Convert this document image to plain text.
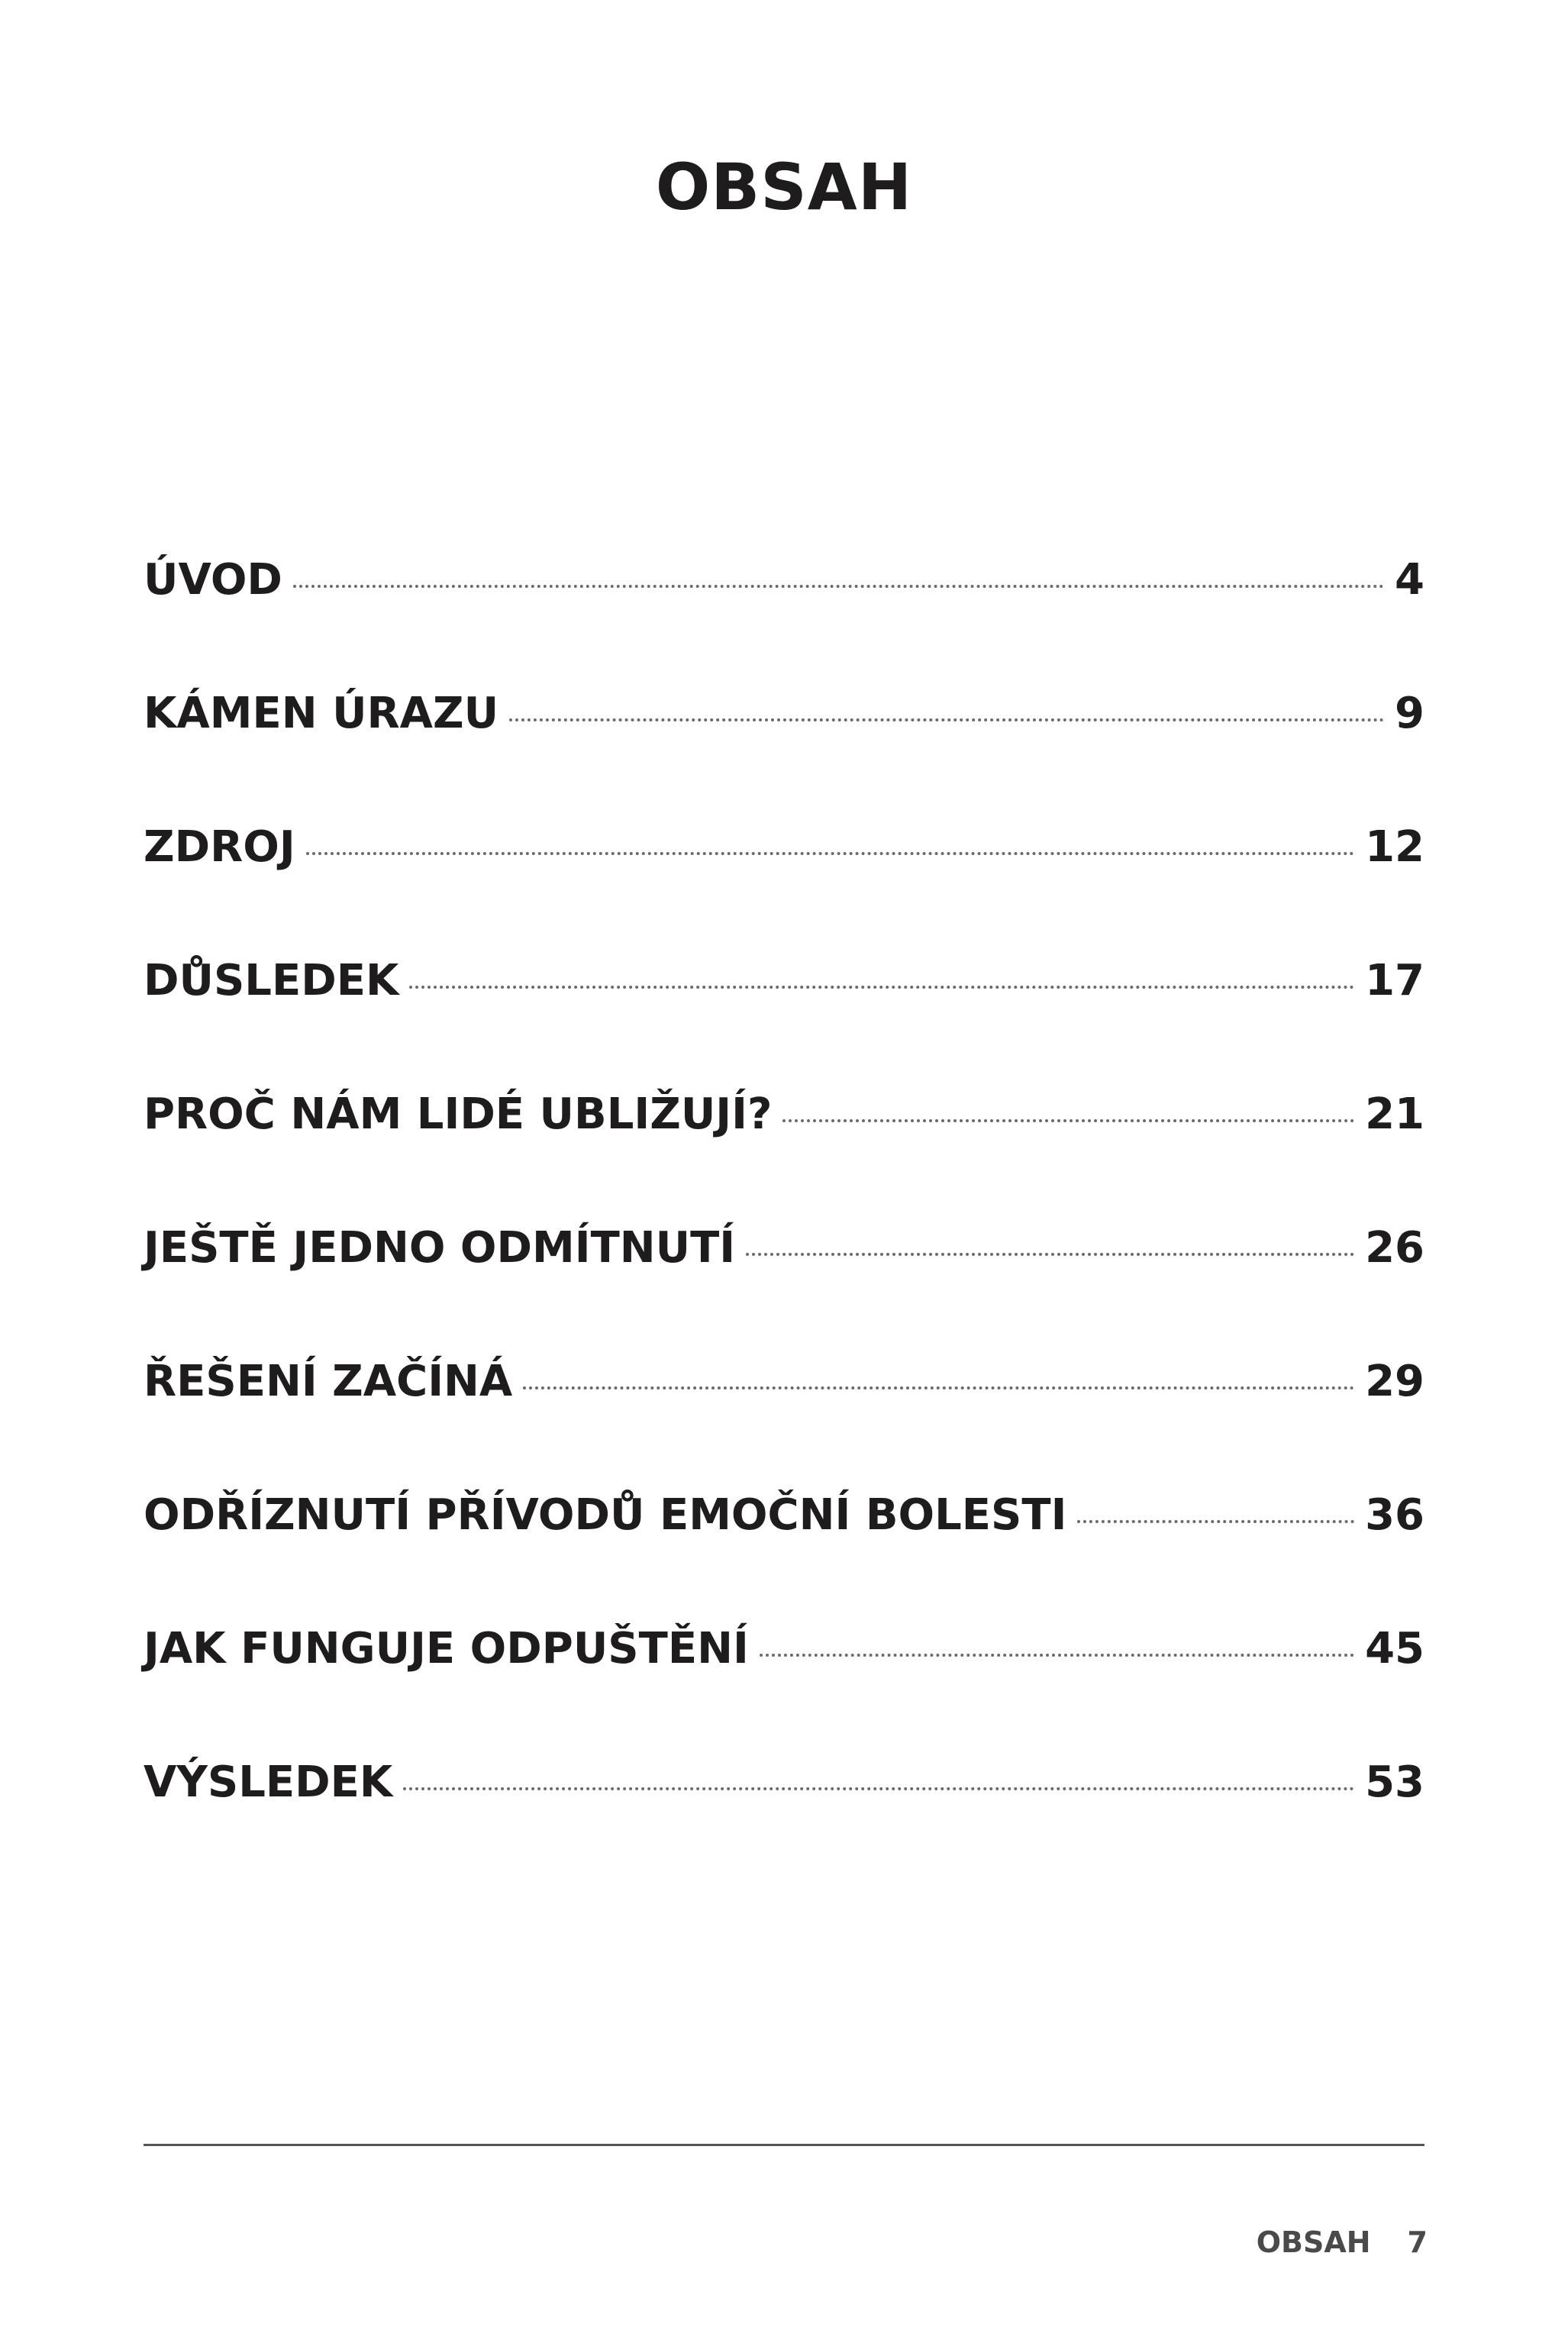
OBSAH
ÚVOD	4
KÁMEN ÚRAZU	9
ZDROJ	12
DŮSLEDEK	17
PROČ NÁM LIDÉ UBLIŽUJÍ?	21
JEŠTĚ JEDNO ODMÍTNUTÍ	26
ŘEŠENÍ ZAČÍNÁ	29
ODŘÍZNUTÍ PŘÍVODŮ EMOČNÍ BOLESTI	36
JAK FUNGUJE ODPUŠTĚNÍ	45
VÝSLEDEK	53
OBSAH 7
